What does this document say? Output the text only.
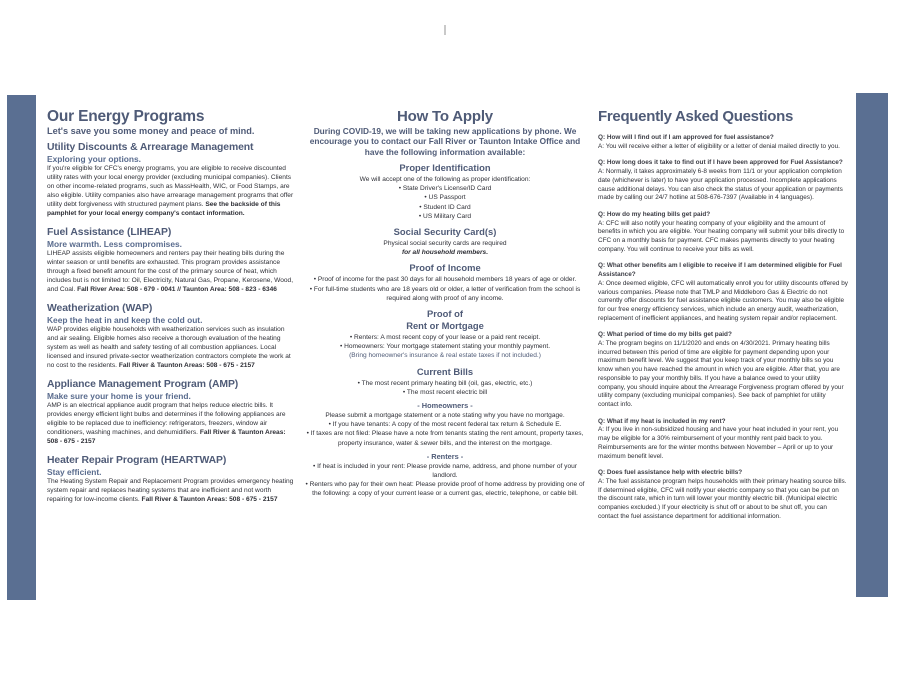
Our Energy Programs
Let's save you some money and peace of mind.
Utility Discounts & Arrearage Management
Exploring your options.

If you're eligible for CFC's energy programs, you are eligible to receive discounted utility rates with your local energy provider (excluding municipal companies). Clients on other income-related programs, such as MassHealth, WIC, or Food Stamps, are also eligible. Utility companies also have arrearage management programs that offer utility debt forgiveness with structured payment plans. See the backside of this pamphlet for your local energy company's contact information.

Fuel Assistance (LIHEAP)
More warmth. Less compromises.

LIHEAP assists eligible homeowners and renters pay their heating bills during the winter season or until benefits are exhausted. This program provides assistance through a fixed benefit amount for the cost of the primary source of heat, which includes but is not limited to: Oil, Electricity, Natural Gas, Propane, Kerosene, Wood, and Coal. Fall River Area: 508 - 679 - 0041 // Taunton Area: 508 - 823 - 6346

Weatherization (WAP)
Keep the heat in and keep the cold out.

WAP provides eligible households with weatherization services such as insulation and air sealing. Eligible homes also receive a thorough evaluation of the heating system as well as health and safety testing of all combustion appliances. Local licensed and insured private-sector weatherization contractors complete the work at no cost to the residents. Fall River & Taunton Areas: 508 - 675 - 2157

Appliance Management Program (AMP)
Make sure your home is your friend.

AMP is an electrical appliance audit program that helps reduce electric bills. It provides energy efficient light bulbs and determines if the following appliances are eligible to be replaced due to inefficiency: refrigerators, freezers, window air conditioners, washing machines, and dehumidifiers. Fall River & Taunton Areas: 508 - 675 - 2157

Heater Repair Program (HEARTWAP)
Stay efficient.

The Heating System Repair and Replacement Program provides emergency heating system repair and replaces heating systems that are inefficient and not worth repairing for low-income clients. Fall River & Taunton Areas: 508 - 675 - 2157

How To Apply
During COVID-19, we will be taking new applications by phone. We encourage you to contact our Fall River or Taunton Intake Office and have the following information available:
Proper Identification

We will accept one of the following as proper identification:

• State Driver's License/ID Card

• US Passport

• Student ID Card

• US Military Card

Social Security Card(s)

Physical social security cards are required

for all household members.

Proof of Income

• Proof of income for the past 30 days for all household members 18 years of age or older.

• For full-time students who are 18 years old or older, a letter of verification from the school is required along with proof of any income.

Proof of
Rent or Mortgage

• Renters: A most recent copy of your lease or a paid rent receipt.

• Homeowners: Your mortgage statement stating your monthly payment.

(Bring homeowner's insurance & real estate taxes if not included.)

Current Bills

• The most recent primary heating bill (oil, gas, electric, etc.)

• The most recent electric bill

- Homeowners -

Please submit a mortgage statement or a note stating why you have no mortgage.

• If you have tenants: A copy of the most recent federal tax return & Schedule E.

• If taxes are not filed: Please have a note from tenants stating the rent amount, property taxes, property insurance, water & sewer bills, and the interest on the mortgage.

- Renters -

• If heat is included in your rent: Please provide name, address, and phone number of your landlord.

• Renters who pay for their own heat: Please provide proof of home address by providing one of the following: a copy of your current lease or a current gas, electric, telephone, or cable bill.

Frequently Asked Questions

Q: How will I find out if I am approved for fuel assistance?

A: You will receive either a letter of eligibility or a letter of denial mailed directly to you.

Q: How long does it take to find out if I have been approved for Fuel Assistance?

A: Normally, it takes approximately 6-8 weeks from 11/1 or your application completion date (whichever is later) to have your application processed. Incomplete applications cause additional delays. You can also check the status of your application or payments made by calling our 24/7 hotline at 508-676-7397 (Available in 4 languages).

Q: How do my heating bills get paid?

A: CFC will also notify your heating company of your eligibility and the amount of benefits in which you are eligible. Your heating company will submit your bills directly to CFC on a monthly basis for payment. CFC makes payments directly to your heating company. You will continue to receive your bills as well.

Q: What other benefits am I eligible to receive if I am determined eligible for Fuel Assistance?

A: Once deemed eligible, CFC will automatically enroll you for utility discounts offered by various companies. Please note that TMLP and Middleboro Gas & Electric do not currently offer discounts for fuel assistance eligible customers. You may also be eligible for our free energy efficiency services, which include an energy audit, weatherization, replacement of inefficient appliances, and heating system repair and/or replacement.

Q: What period of time do my bills get paid?

A: The program begins on 11/1/2020 and ends on 4/30/2021. Primary heating bills incurred between this period of time are eligible for payment depending upon your maximum benefit level. We suggest that you keep track of your monthly bills so you know when you have reached the amount in which you are eligible. After that, you are responsible to pay your monthly bills. If you have a balance owed to your utility company, you should inquire about the Arrearage Forgiveness program offered by your utility company (excluding municipal companies). See back of pamphlet for utility contact info.

Q: What if my heat is included in my rent?

A: If you live in non-subsidized housing and have your heat included in your rent, you may be eligible for a 30% reimbursement of your monthly rent paid back to you. Reimbursements are for the winter months between November – April or up to your maximum benefit level.

Q: Does fuel assistance help with electric bills?

A: The fuel assistance program helps households with their primary heating source bills. If determined eligible, CFC will notify your electric company so that you can be put on the discount rate, which in turn will lower your monthly electric bill. (Municipal electric companies excluded.) If your electricity is shut off or about to be shut off, you can contact the fuel assistance department for additional information.
